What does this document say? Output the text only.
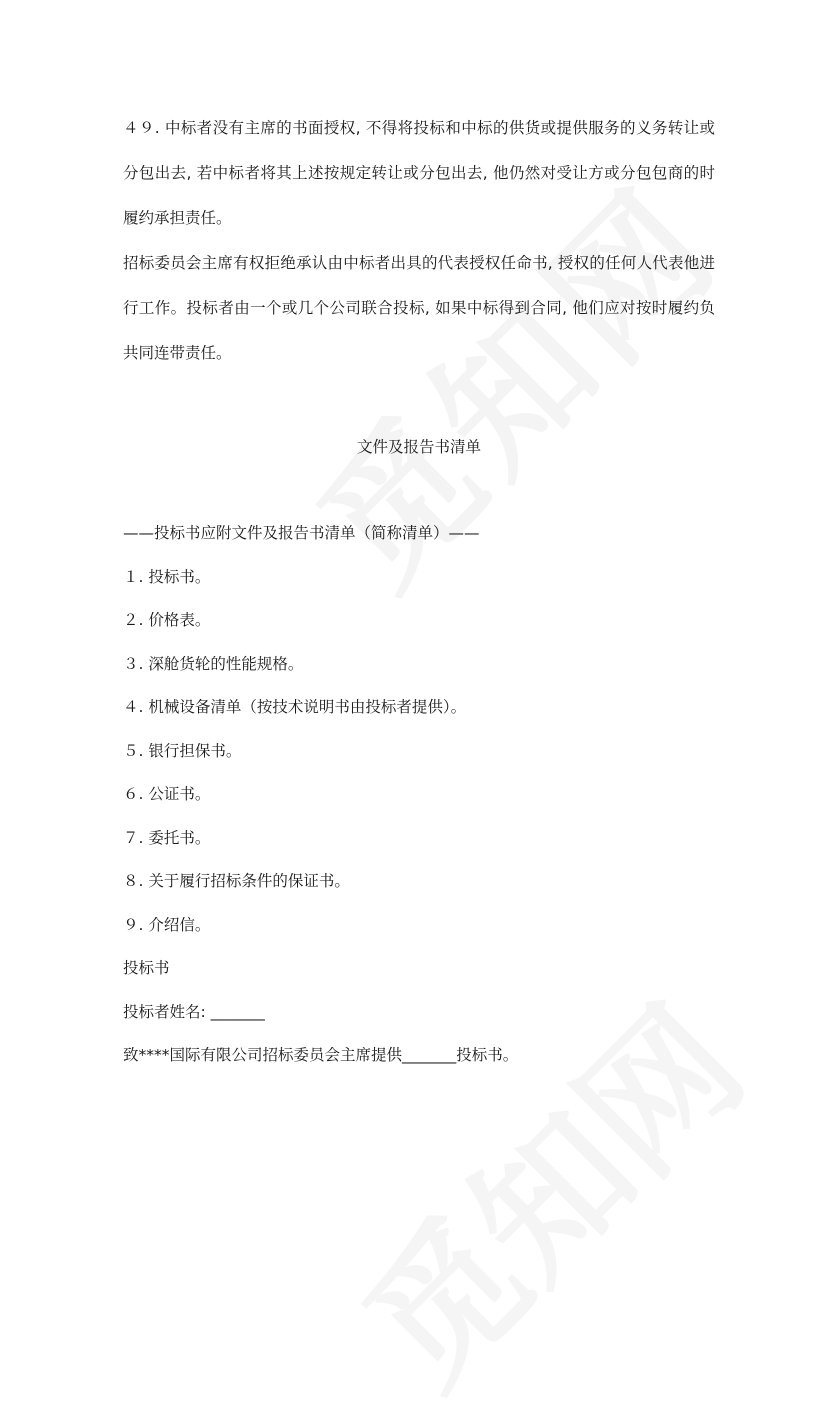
４９. 中标者没有主席的书面授权, 不得将投标和中标的供货或提供服务的义务转让或分包出去, 若中标者将其上述按规定转让或分包出去, 他仍然对受让方或分包包商的时履约承担责任。

招标委员会主席有权拒绝承认由中标者出具的代表授权任命书, 授权的任何人代表他进行工作。投标者由一个或几个公司联合投标, 如果中标得到合同, 他们应对按时履约负共同连带责任。

文件及报告书清单

——投标书应附文件及报告书清单（简称清单）——

１. 投标书。

２. 价格表。

３. 深舱货轮的性能规格。

４. 机械设备清单（按技术说明书由投标者提供）。

５. 银行担保书。

６. 公证书。

７. 委托书。

８. 关于履行招标条件的保证书。

９. 介绍信。

投标书

投标者姓名: _______

致****国际有限公司招标委员会主席提供_______投标书。
